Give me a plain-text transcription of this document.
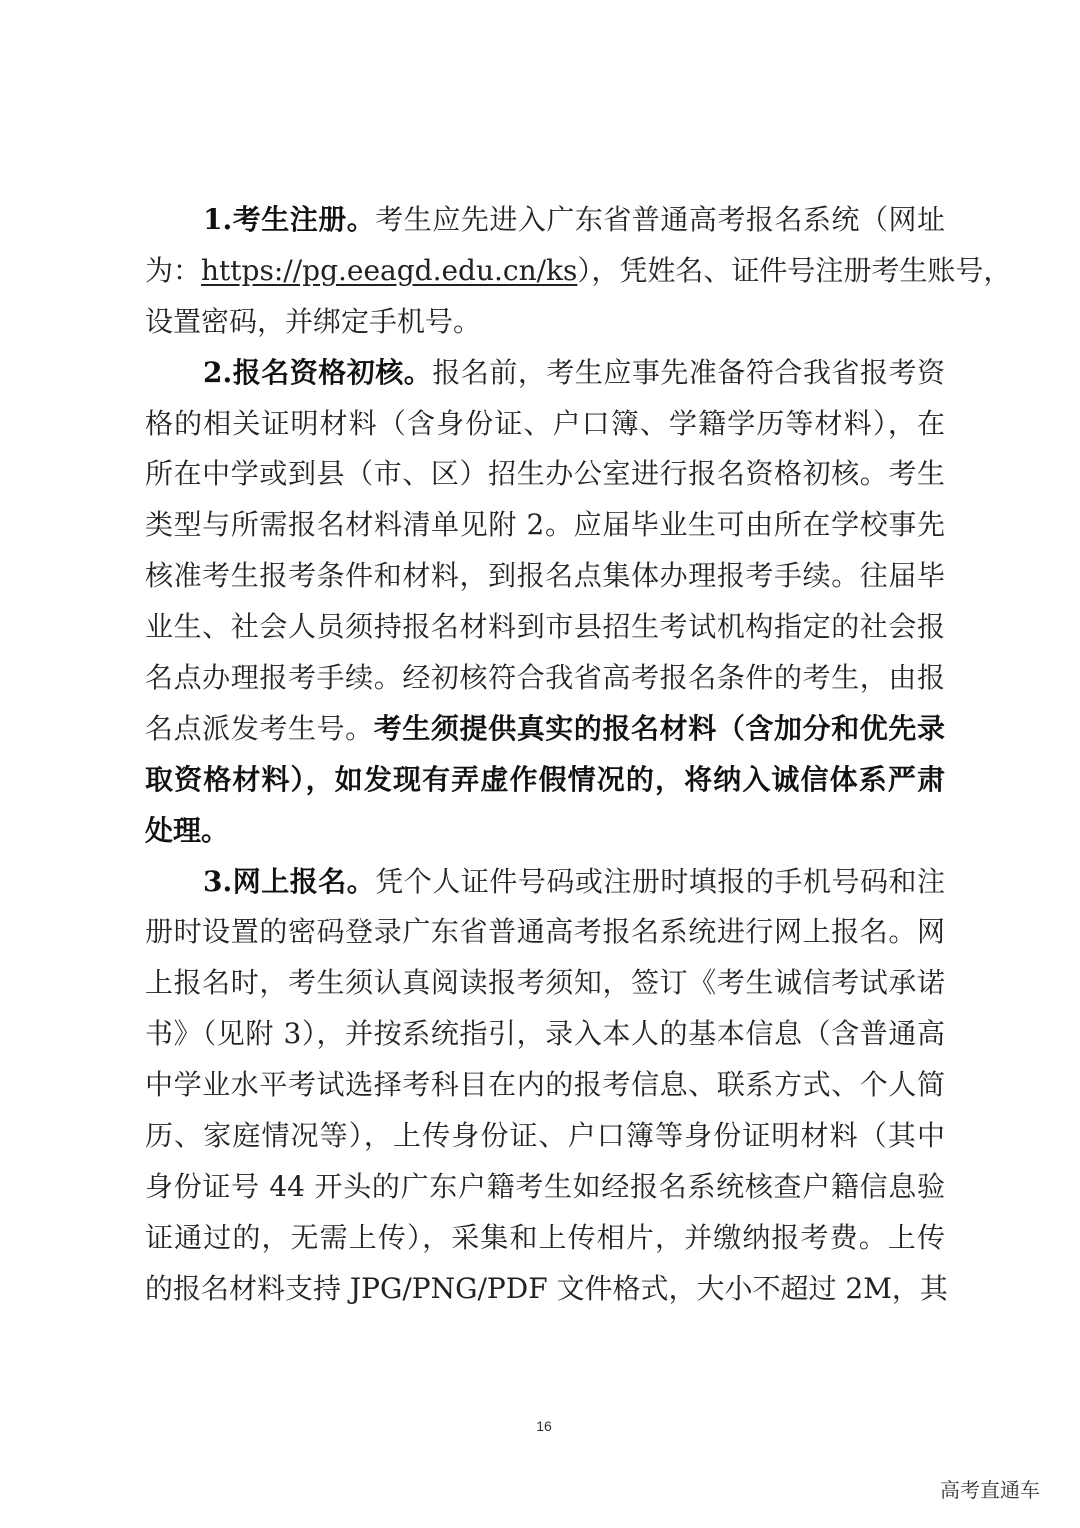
1.考生注册。考生应先进入广东省普通高考报名系统（网址
为：https://pg.eeagd.edu.cn/ks），凭姓名、证件号注册考生账号，
设置密码，并绑定手机号。
2.报名资格初核。报名前，考生应事先准备符合我省报考资
格的相关证明材料（含身份证、户口簿、学籍学历等材料），在
所在中学或到县（市、区）招生办公室进行报名资格初核。考生
类型与所需报名材料清单见附 2。应届毕业生可由所在学校事先
核准考生报考条件和材料，到报名点集体办理报考手续。往届毕
业生、社会人员须持报名材料到市县招生考试机构指定的社会报
名点办理报考手续。经初核符合我省高考报名条件的考生，由报
名点派发考生号。考生须提供真实的报名材料（含加分和优先录
取资格材料），如发现有弄虚作假情况的，将纳入诚信体系严肃
处理。
3.网上报名。凭个人证件号码或注册时填报的手机号码和注
册时设置的密码登录广东省普通高考报名系统进行网上报名。网
上报名时，考生须认真阅读报考须知，签订《考生诚信考试承诺
书》（见附 3），并按系统指引，录入本人的基本信息（含普通高
中学业水平考试选择考科目在内的报考信息、联系方式、个人简
历、家庭情况等），上传身份证、户口簿等身份证明材料（其中
身份证号 44 开头的广东户籍考生如经报名系统核查户籍信息验
证通过的，无需上传），采集和上传相片，并缴纳报考费。上传
的报名材料支持 JPG/PNG/PDF 文件格式，大小不超过 2M，其
16
高考直通车
